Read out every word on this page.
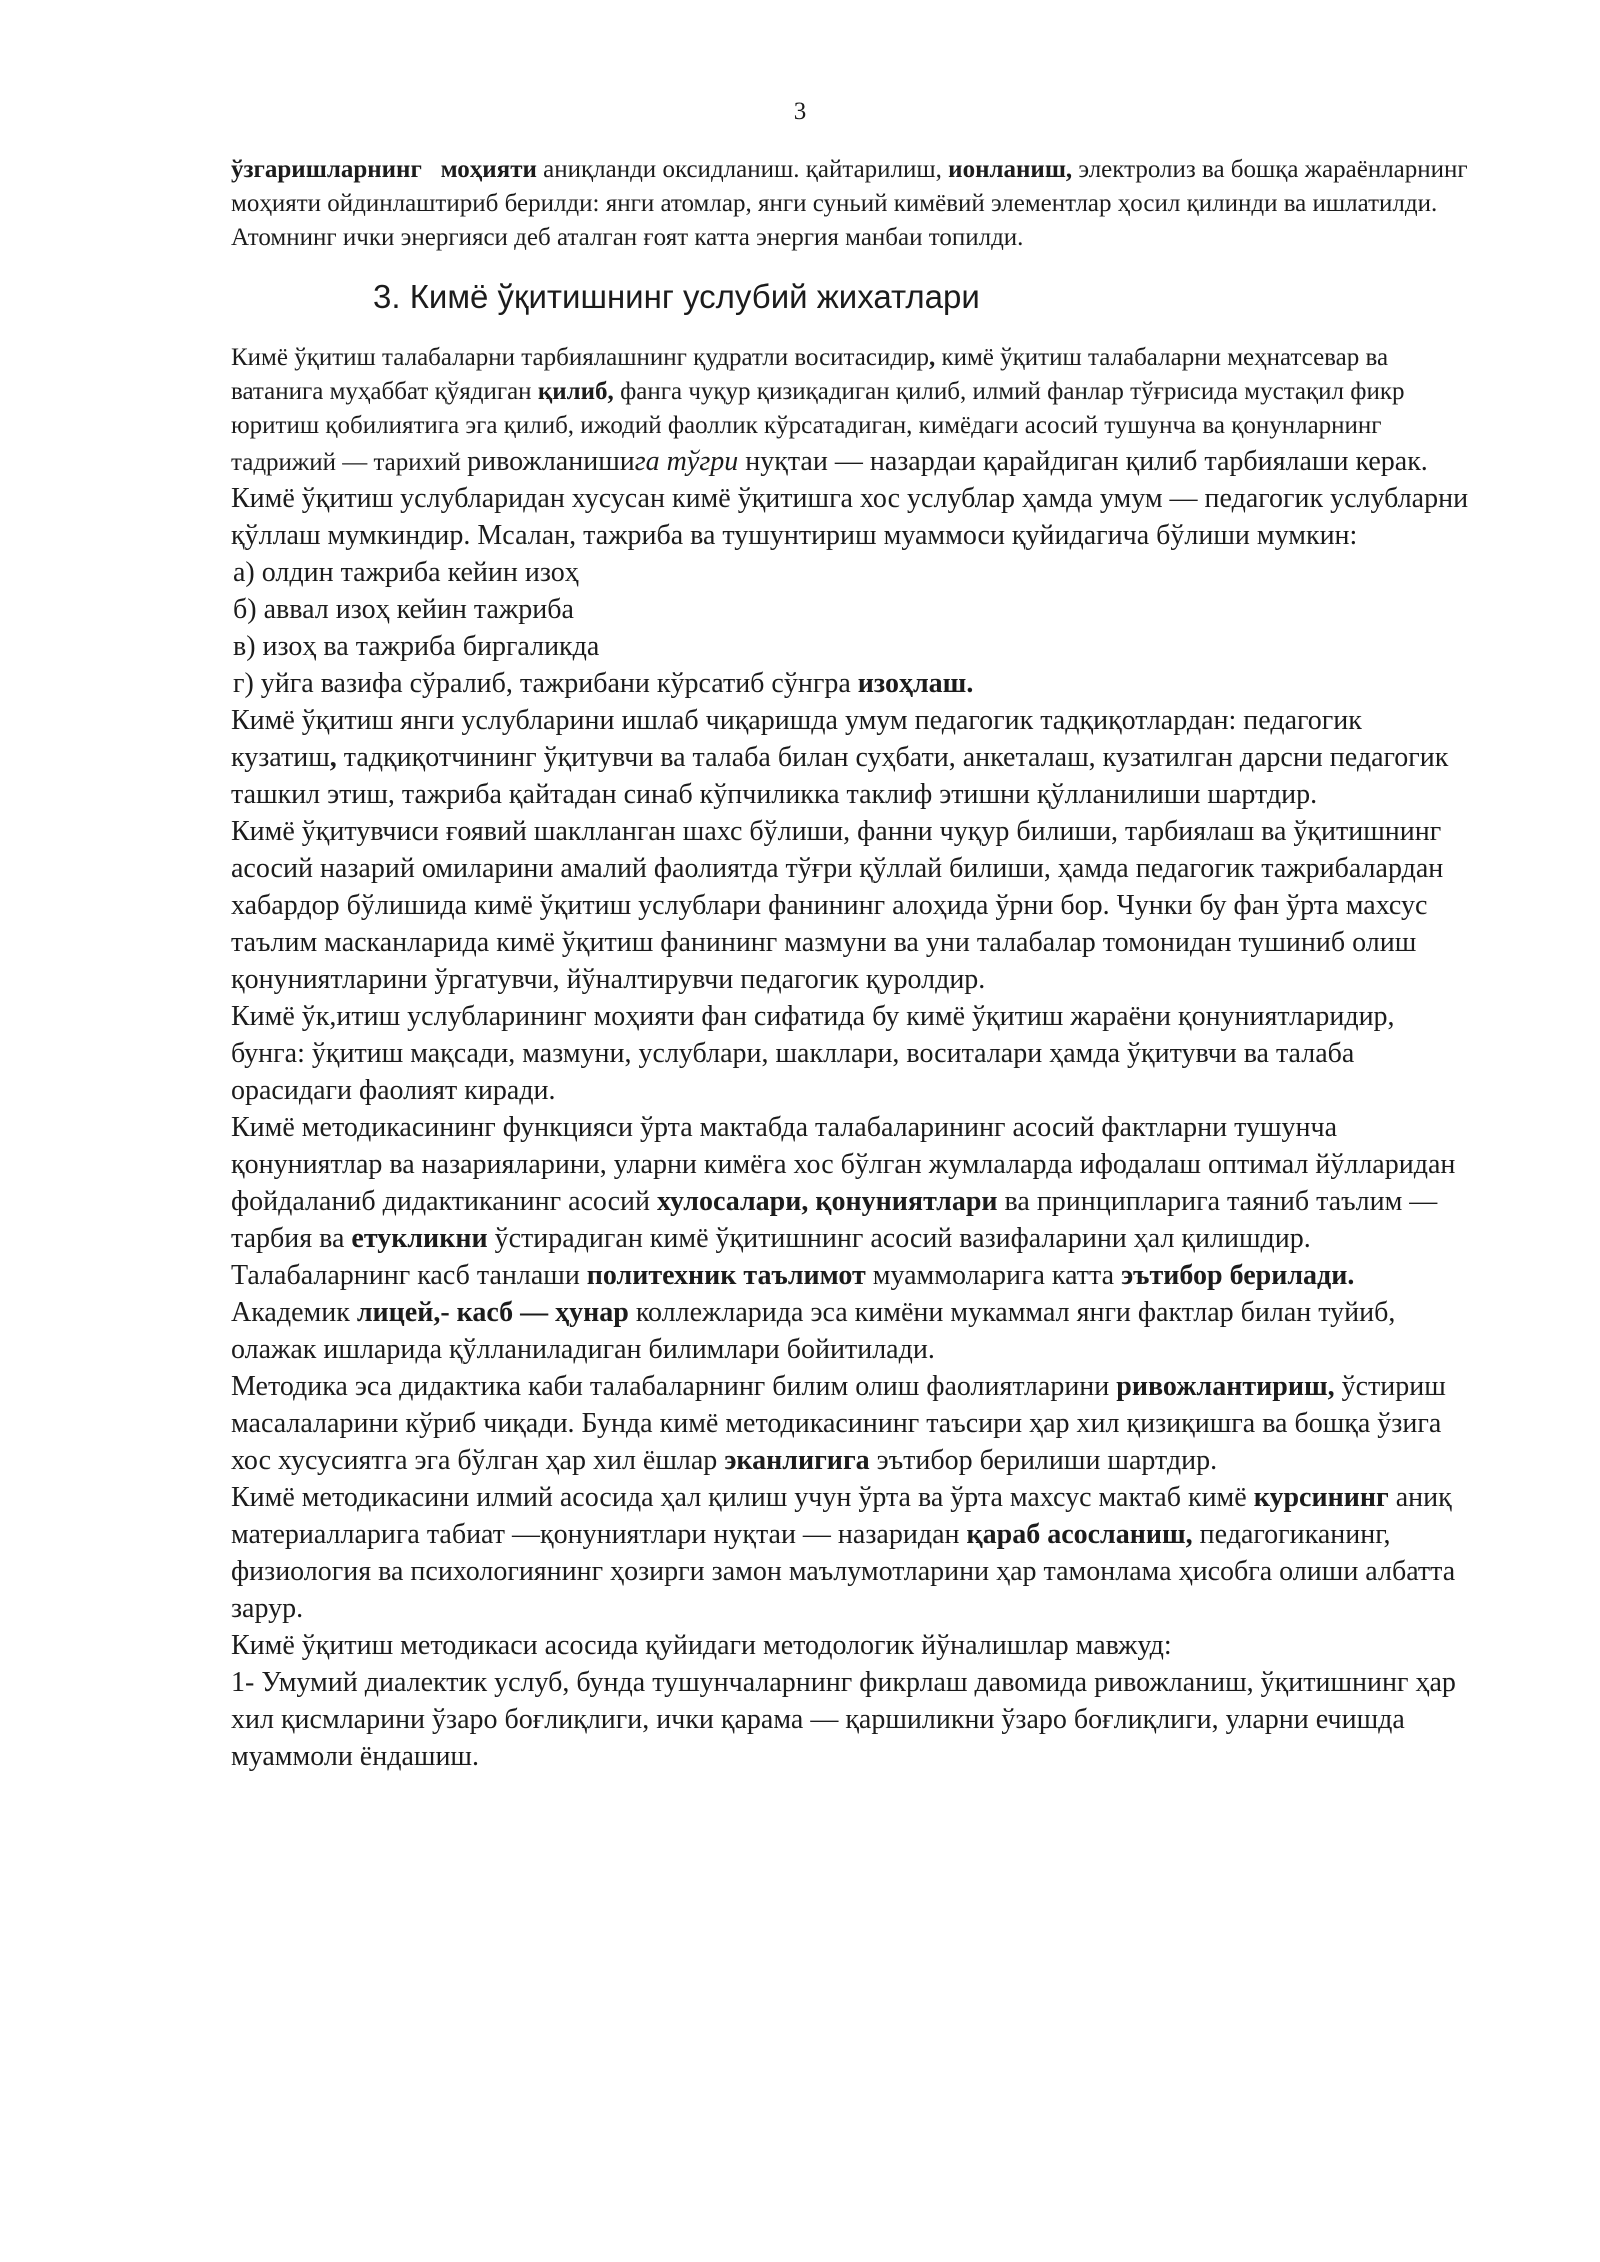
3

ўзгаришларнинг моҳияти аниқланди оксидланиш. қайтарилиш, ионланиш, электролиз ва бошқа жараёнларнинг моҳияти ойдинлаштириб берилди: янги атомлар, янги суньий кимёвий элементлар ҳосил қилинди ва ишлатилди. Атомнинг ички энергияси деб аталган ғоят катта энергия манбаи топилди.

3. Кимё ўқитишнинг услубий жихатлари

Кимё ўқитиш талабаларни тарбиялашнинг қудратли воситасидир, кимё ўқитиш талабаларни меҳнатсевар ва ватанига муҳаббат қўядиган қилиб, фанга чуқур қизиқадиган қилиб, илмий фанлар тўғрисида мустақил фикр юритиш қобилиятига эга қилиб, ижодий фаоллик кўрсатадиган, кимёдаги асосий тушунча ва қонунларнинг тадрижий — тарихий ривожланишига тўгри нуқтаи — назардаи қарайдиган қилиб тарбиялаши керак.

Кимё ўқитиш услубларидан хусусан кимё ўқитишга хос услублар ҳамда умум — педагогик услубларни қўллаш мумкиндир. Мсалан, тажриба ва тушунтириш муаммоси қуйидагича бўлиши мумкин:

а) олдин тажриба кейин изоҳ

б) аввал изоҳ кейин тажриба

в) изоҳ ва тажриба биргаликда

г) уйга вазифа сўралиб, тажрибани кўрсатиб сўнгра изоҳлаш.

Кимё ўқитиш янги услубларини ишлаб чиқаришда умум педагогик тадқиқотлардан: педагогик кузатиш, тадқиқотчининг ўқитувчи ва талаба билан суҳбати, анкеталаш, кузатилган дарсни педагогик ташкил этиш, тажриба қайтадан синаб кўпчиликка таклиф этишни қўлланилиши шартдир.

Кимё ўқитувчиси ғоявий шаклланган шахс бўлиши, фанни чуқур билиши, тарбиялаш ва ўқитишнинг асосий назарий омиларини амалий фаолиятда тўғри қўллай билиши, ҳамда педагогик тажрибалардан хабардор бўлишида кимё ўқитиш услублари фанининг алоҳида ўрни бор. Чунки бу фан ўрта махсус таълим масканларида кимё ўқитиш фанининг мазмуни ва уни талабалар томонидан тушиниб олиш қонуниятларини ўргатувчи, йўналтирувчи педагогик қуролдир.

Кимё ўк,итиш услубларининг моҳияти фан сифатида бу кимё ўқитиш жараёни қонуниятларидир, бунга: ўқитиш мақсади, мазмуни, услублари, шакллари, воситалари ҳамда ўқитувчи ва талаба орасидаги фаолият киради.

Кимё методикасининг функцияси ўрта мактабда талабаларининг асосий фактларни тушунча қонуниятлар ва назарияларини, уларни кимёга хос бўлган жумлаларда ифодалаш оптимал йўлларидан фойдаланиб дидактиканинг асосий хулосалари, қонуниятлари ва принципларига таяниб таълим —тарбия ва етукликни ўстирадиган кимё ўқитишнинг асосий вазифаларини ҳал қилишдир. Талабаларнинг касб танлаши политехник таълимот муаммоларига катта эътибор берилади. Академик лицей,- касб — ҳунар коллежларида эса кимёни мукаммал янги фактлар билан туйиб, олажак ишларида қўлланиладиган билимлари бойитилади.

Методика эса дидактика каби талабаларнинг билим олиш фаолиятларини ривожлантириш, ўстириш масалаларини кўриб чиқади. Бунда кимё методикасининг таъсири ҳар хил қизиқишга ва бошқа ўзига хос хусусиятга эга бўлган ҳар хил ёшлар эканлигига эътибор берилиши шартдир.

Кимё методикасини илмий асосида ҳал қилиш учун ўрта ва ўрта махсус мактаб кимё курсининг аниқ материалларига табиат —қонуниятлари нуқтаи — назаридан қараб асосланиш, педагогиканинг, физиология ва психологиянинг ҳозирги замон маълумотларини ҳар тамонлама ҳисобга олиши албатта зарур.

Кимё ўқитиш методикаси асосида қуйидаги методологик йўналишлар мавжуд:

1- Умумий диалектик услуб, бунда тушунчаларнинг фикрлаш давомида ривожланиш, ўқитишнинг ҳар хил қисмларини ўзаро боғлиқлиги, ички қарама — қаршиликни ўзаро боғлиқлиги, уларни ечишда муаммоли ёндашиш.
